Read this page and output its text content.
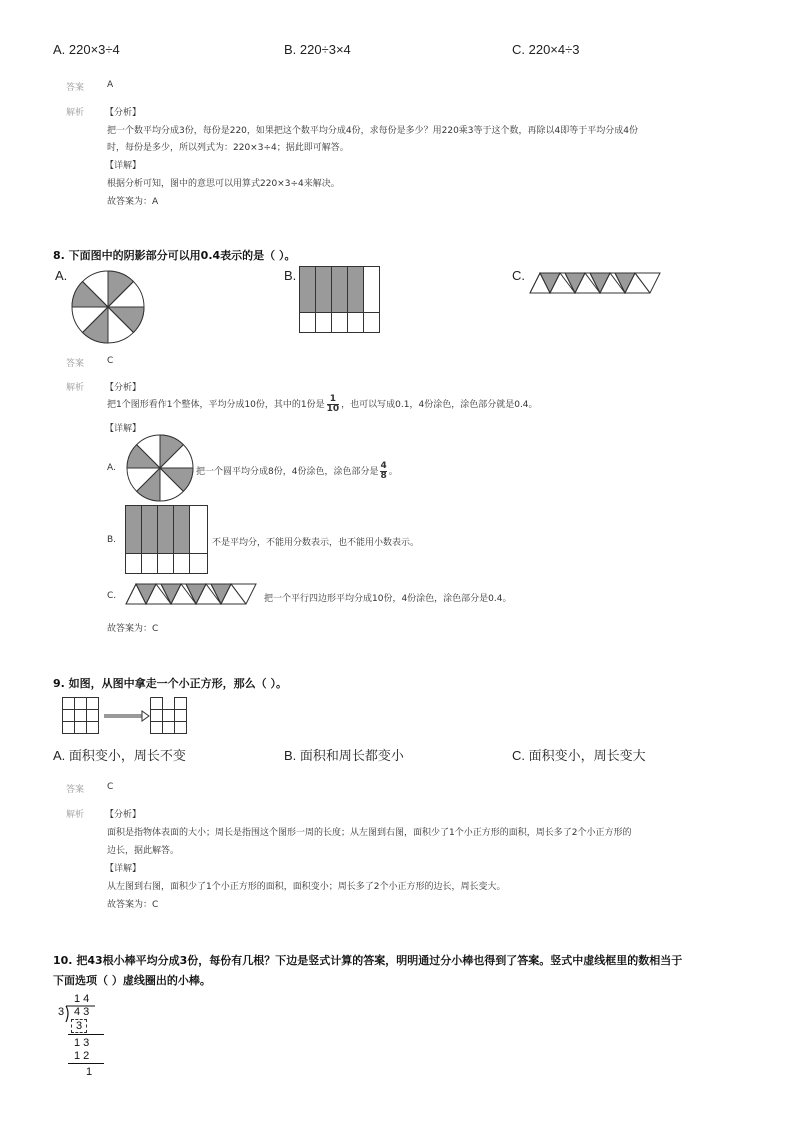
A. 220×3÷4	B. 220÷3×4	C. 220×4÷3
答案	A
解析 【分析】
把一个数平均分成3份，每份是220，如果把这个数平均分成4份，求每份是多少？用220乘3等于这个数，再除以4即等于平均分成4份
时，每份是多少，所以列式为：220×3÷4；据此即可解答。
【详解】
根据分析可知，图中的意思可以用算式220×3÷4来解决。
故答案为：A
8. 下面图中的阴影部分可以用0.4表示的是（ ）。
A.	B.	C.
答案	C
解析 【分析】
把1个图形看作1个整体，平均分成10份，其中的1份是 $\frac{1}{10}$ ，也可以写成0.1，4份涂色，涂色部分就是0.4。
【详解】
A.	把一个圆平均分成8份，4份涂色，涂色部分是 $\frac{4}{8}$ 。
B.	不是平均分，不能用分数表示，也不能用小数表示。
C.	把一个平行四边形平均分成10份，4份涂色，涂色部分是0.4。
故答案为：C
9. 如图，从图中拿走一个小正方形，那么（ ）。
A. 面积变小，周长不变	B. 面积和周长都变小	C. 面积变小，周长变大
答案	C
解析 【分析】
面积是指物体表面的大小；周长是指围这个图形一周的长度；从左图到右图，面积少了1个小正方形的面积，周长多了2个小正方形的
边长，据此解答。
【详解】
从左图到右图，面积少了1个小正方形的面积，面积变小；周长多了2个小正方形的边长，周长变大。
故答案为：C
10. 把43根小棒平均分成3份，每份有几根？下边是竖式计算的答案，明明通过分小棒也得到了答案。竖式中虚线框里的数相当于
下面选项（ ）虚线圈出的小棒。
1 4
3 4 3
3
1 3
1 2
1
